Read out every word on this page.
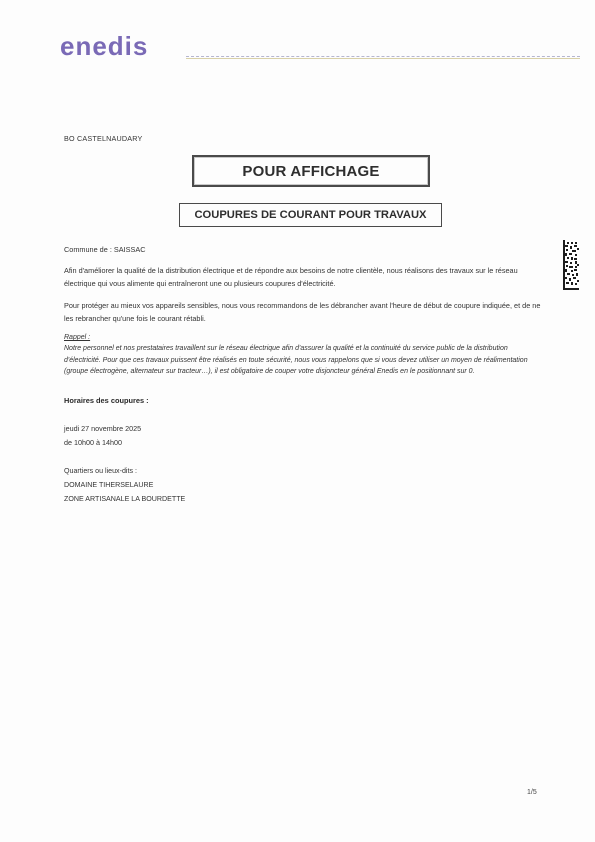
enedis
BO CASTELNAUDARY
POUR AFFICHAGE
COUPURES DE COURANT POUR TRAVAUX
Commune de : SAISSAC
Afin d'améliorer la qualité de la distribution électrique et de répondre aux besoins de notre clientèle, nous réalisons des travaux sur le réseau électrique qui vous alimente qui entraîneront une ou plusieurs coupures d'électricité.
Pour protéger au mieux vos appareils sensibles, nous vous recommandons de les débrancher avant l'heure de début de coupure indiquée, et de ne les rebrancher qu'une fois le courant rétabli.
Rappel :
Notre personnel et nos prestataires travaillent sur le réseau électrique afin d'assurer la qualité et la continuité du service public de la distribution d'électricité. Pour que ces travaux puissent être réalisés en toute sécurité, nous vous rappelons que si vous devez utiliser un moyen de réalimentation (groupe électrogène, alternateur sur tracteur…), il est obligatoire de couper votre disjoncteur général Enedis en le positionnant sur 0.
Horaires des coupures :
jeudi 27 novembre 2025
de 10h00 à 14h00
Quartiers ou lieux-dits :
DOMAINE TIHERSELAURE
ZONE ARTISANALE LA BOURDETTE
1/5
